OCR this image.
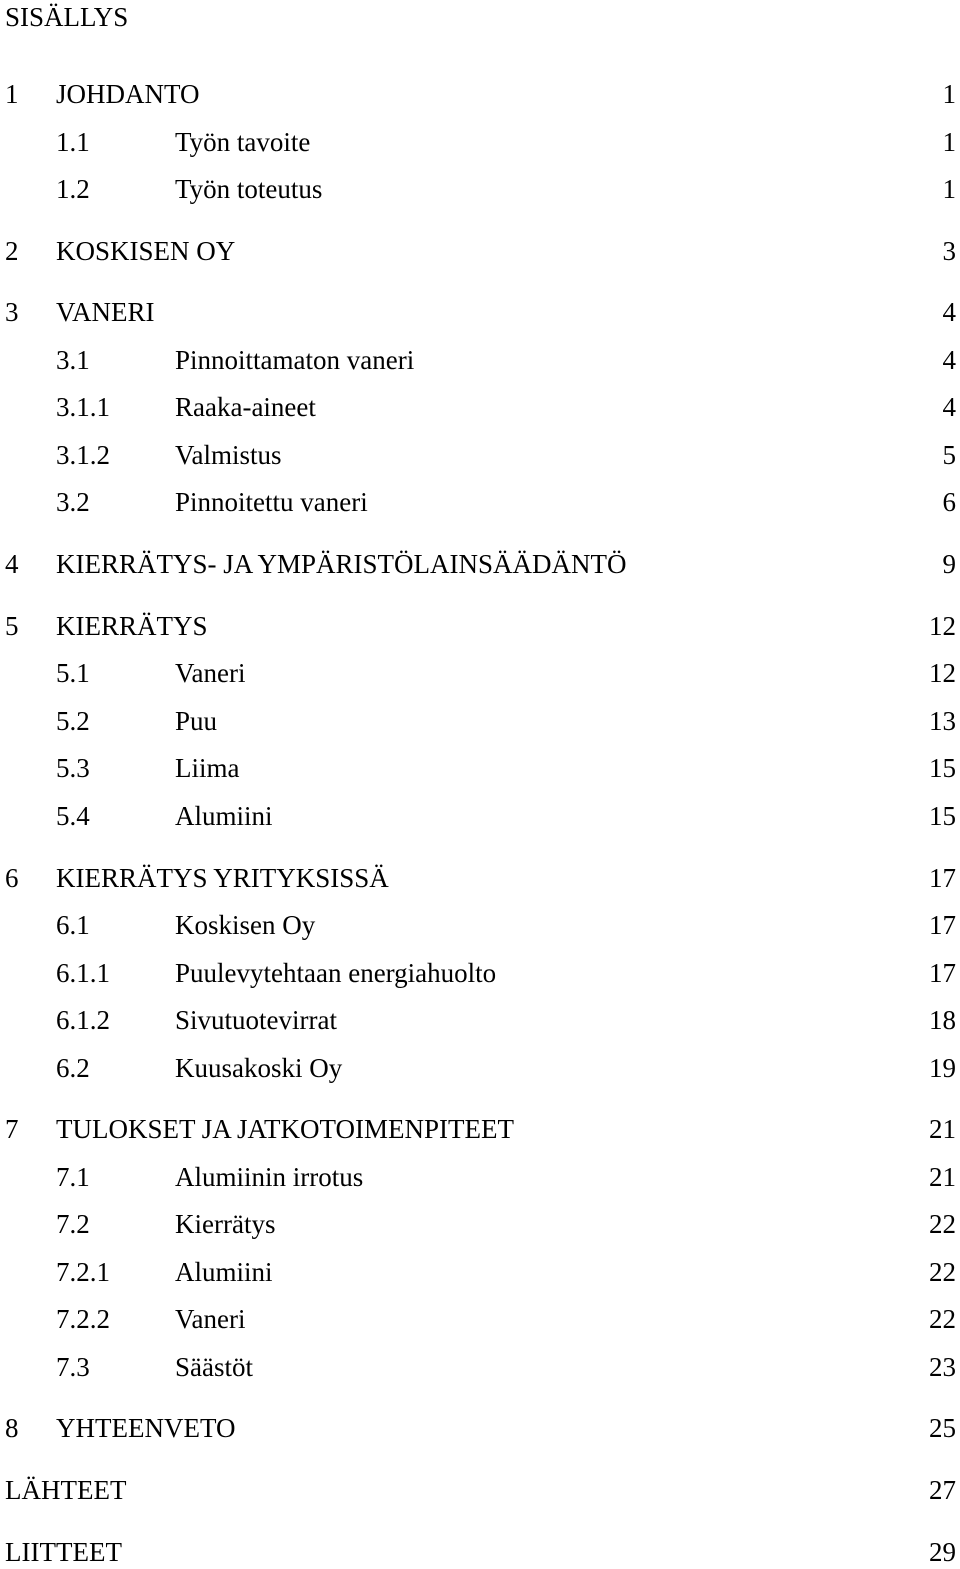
SISÄLLYS
1 JOHDANTO	1
1.1	Työn tavoite	1
1.2	Työn toteutus	1
2 KOSKISEN OY	3
3 VANERI	4
3.1	Pinnoittamaton vaneri	4
3.1.1 Raaka-aineet	4
3.1.2 Valmistus	5
3.2	Pinnoitettu vaneri	6
4 KIERRÄTYS- JA YMPÄRISTÖLAINSÄÄDÄNTÖ	9
5 KIERRÄTYS	12
5.1	Vaneri	12
5.2	Puu	13
5.3	Liima	15
5.4	Alumiini	15
6 KIERRÄTYS YRITYKSISSÄ	17
6.1	Koskisen Oy	17
6.1.1 Puulevytehtaan energiahuolto	17
6.1.2 Sivutuotevirrat	18
6.2	Kuusakoski Oy	19
7 TULOKSET JA JATKOTOIMENPITEET	21
7.1	Alumiinin irrotus	21
7.2	Kierrätys	22
7.2.1 Alumiini	22
7.2.2 Vaneri	22
7.3	Säästöt	23
8 YHTEENVETO	25
LÄHTEET	27
LIITTEET	29
